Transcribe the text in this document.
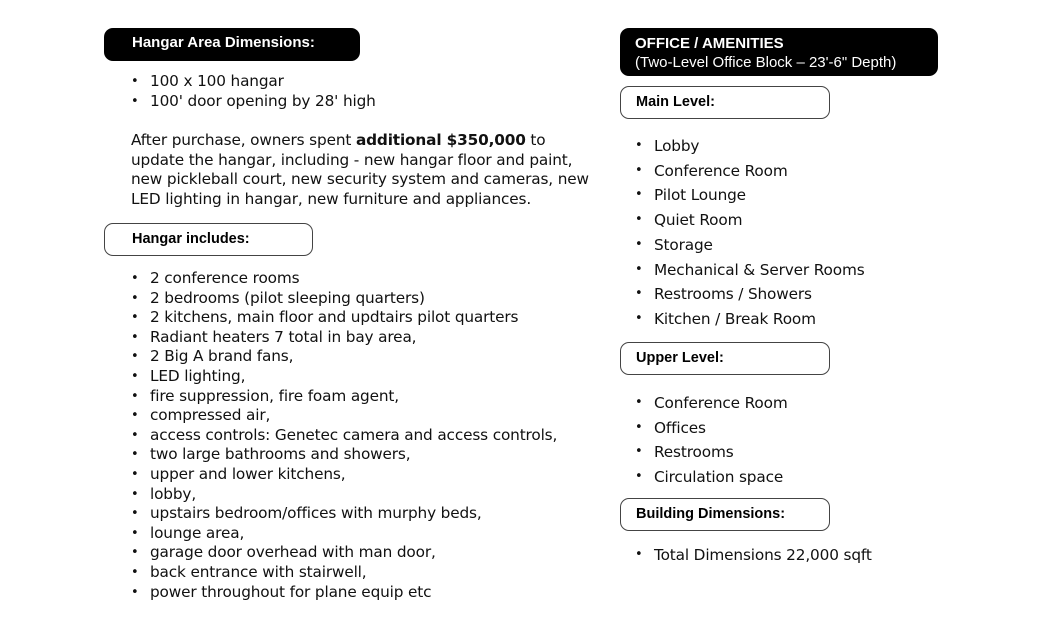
Hangar Area Dimensions:
• 100 x 100 hangar
• 100' door opening by 28' high
After purchase, owners spent additional $350,000 to update the hangar, including - new hangar floor and paint, new pickleball court, new security system and cameras, new LED lighting in hangar, new furniture and appliances.
Hangar includes:
• 2 conference rooms
• 2 bedrooms (pilot sleeping quarters)
• 2 kitchens, main floor and updtairs pilot quarters
• Radiant heaters 7 total in bay area,
• 2 Big A brand fans,
• LED lighting,
• fire suppression, fire foam agent,
• compressed air,
• access controls: Genetec camera and access controls,
• two large bathrooms and showers,
• upper and lower kitchens,
• lobby,
• upstairs bedroom/offices with murphy beds,
• lounge area,
• garage door overhead with man door,
• back entrance with stairwell,
• power throughout for plane equip etc
OFFICE / AMENITIES
(Two-Level Office Block – 23'-6" Depth)
Main Level:
• Lobby
• Conference Room
• Pilot Lounge
• Quiet Room
• Storage
• Mechanical & Server Rooms
• Restrooms / Showers
• Kitchen / Break Room
Upper Level:
• Conference Room
• Offices
• Restrooms
• Circulation space
Building Dimensions:
• Total Dimensions 22,000 sqft
